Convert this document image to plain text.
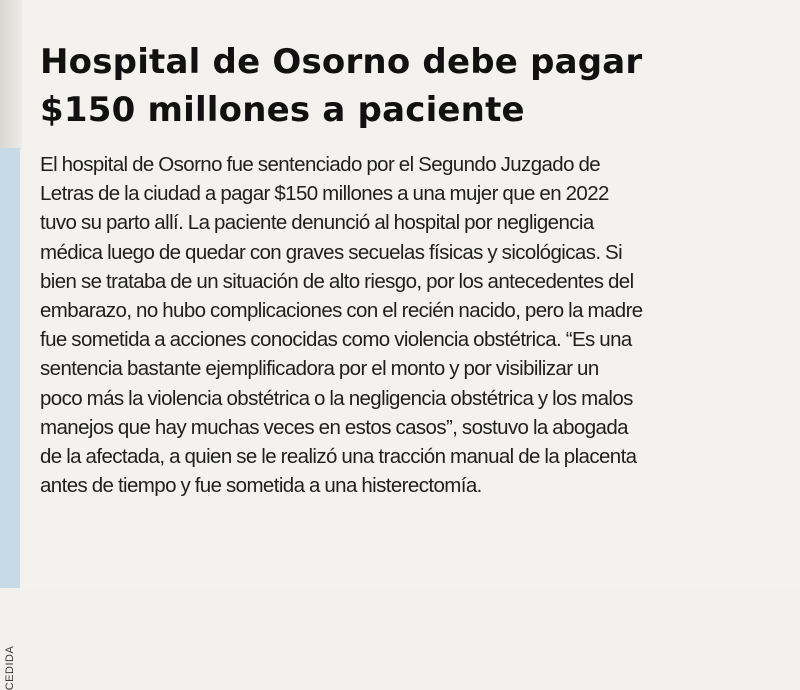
CEDIDA
Hospital de Osorno debe pagar
$150 millones a paciente

El hospital de Osorno fue sentenciado por el Segundo Juzgado de
Letras de la ciudad a pagar $150 millones a una mujer que en 2022
tuvo su parto allí. La paciente denunció al hospital por negligencia
médica luego de quedar con graves secuelas físicas y sicológicas. Si
bien se trataba de un situación de alto riesgo, por los antecedentes del
embarazo, no hubo complicaciones con el recién nacido, pero la madre
fue sometida a acciones conocidas como violencia obstétrica. “Es una
sentencia bastante ejemplificadora por el monto y por visibilizar un
poco más la violencia obstétrica o la negligencia obstétrica y los malos
manejos que hay muchas veces en estos casos”, sostuvo la abogada
de la afectada, a quien se le realizó una tracción manual de la placenta
antes de tiempo y fue sometida a una histerectomía.
